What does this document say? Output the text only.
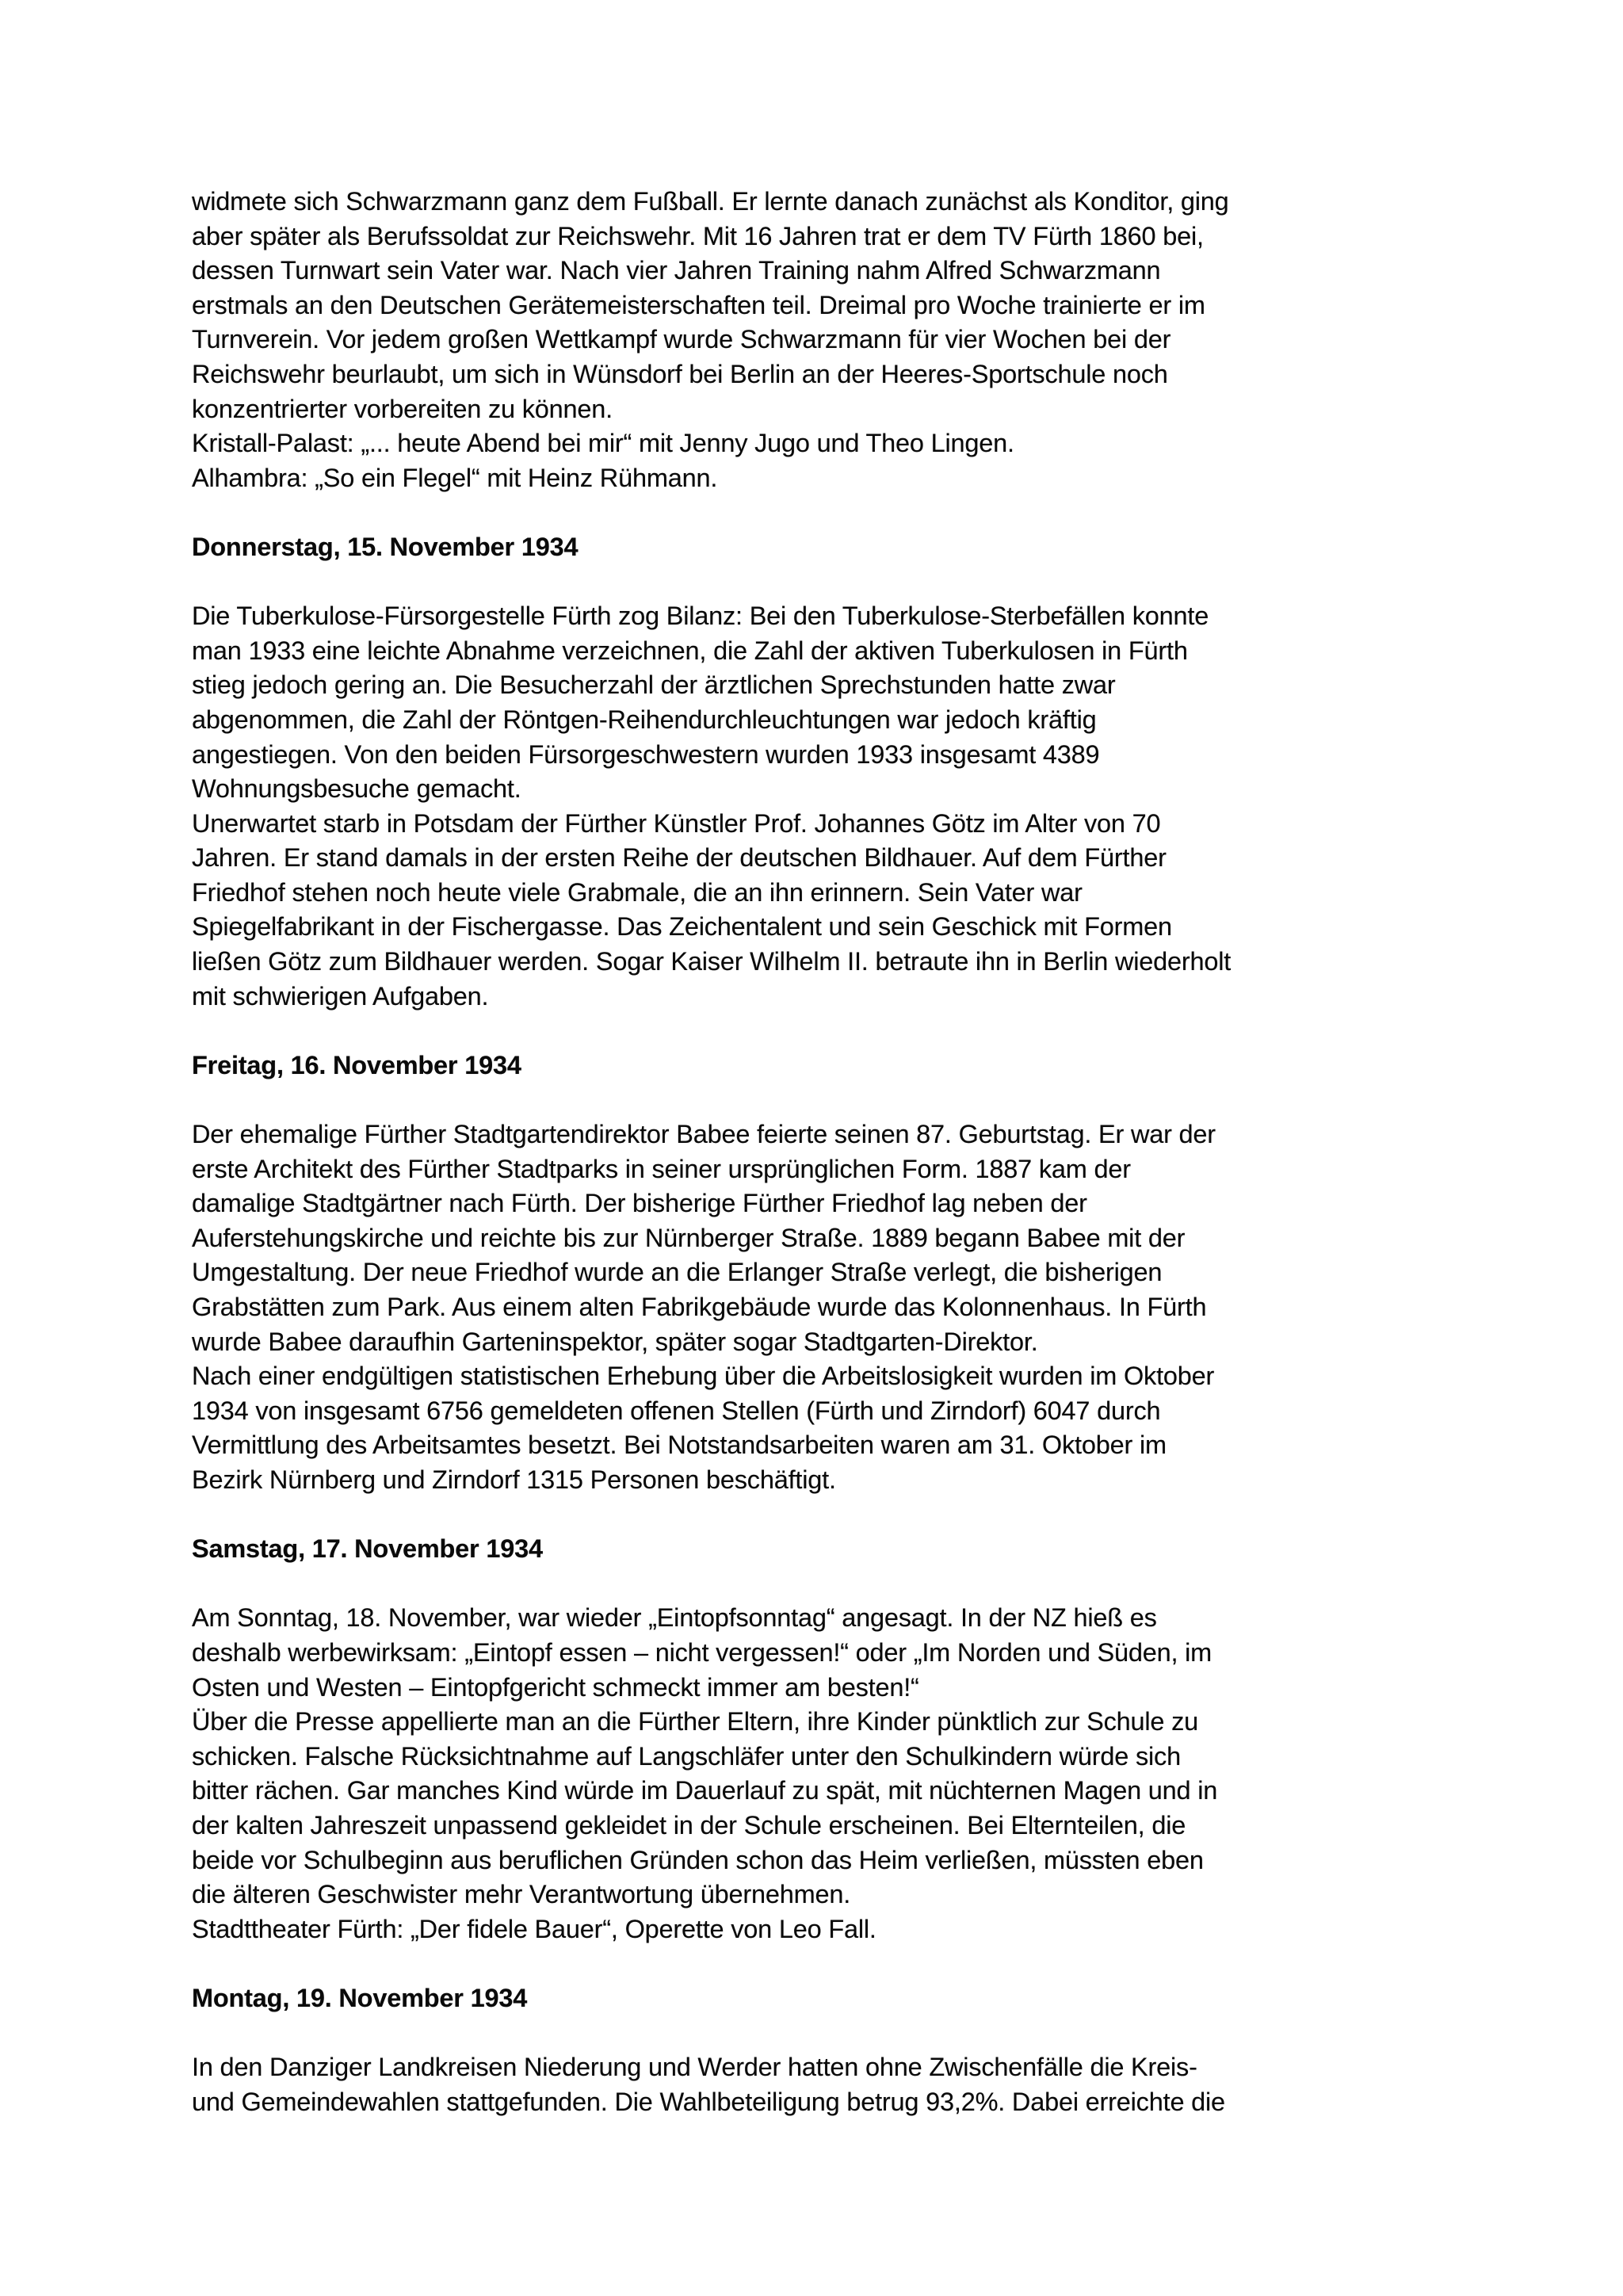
widmete sich Schwarzmann ganz dem Fußball. Er lernte danach zunächst als Konditor, ging
aber später als Berufssoldat zur Reichswehr. Mit 16 Jahren trat er dem TV Fürth 1860 bei,
dessen Turnwart sein Vater war. Nach vier Jahren Training nahm Alfred Schwarzmann
erstmals an den Deutschen Gerätemeisterschaften teil. Dreimal pro Woche trainierte er im
Turnverein. Vor jedem großen Wettkampf wurde Schwarzmann für vier Wochen bei der
Reichswehr beurlaubt, um sich in Wünsdorf bei Berlin an der Heeres-Sportschule noch
konzentrierter vorbereiten zu können.
Kristall-Palast: „... heute Abend bei mir“ mit Jenny Jugo und Theo Lingen.
Alhambra: „So ein Flegel“ mit Heinz Rühmann.
Donnerstag, 15. November 1934
Die Tuberkulose-Fürsorgestelle Fürth zog Bilanz: Bei den Tuberkulose-Sterbefällen konnte
man 1933 eine leichte Abnahme verzeichnen, die Zahl der aktiven Tuberkulosen in Fürth
stieg jedoch gering an. Die Besucherzahl der ärztlichen Sprechstunden hatte zwar
abgenommen, die Zahl der Röntgen-Reihendurchleuchtungen war jedoch kräftig
angestiegen. Von den beiden Fürsorgeschwestern wurden 1933 insgesamt 4389
Wohnungsbesuche gemacht.
Unerwartet starb in Potsdam der Fürther Künstler Prof. Johannes Götz im Alter von 70
Jahren. Er stand damals in der ersten Reihe der deutschen Bildhauer. Auf dem Fürther
Friedhof stehen noch heute viele Grabmale, die an ihn erinnern. Sein Vater war
Spiegelfabrikant in der Fischergasse. Das Zeichentalent und sein Geschick mit Formen
ließen Götz zum Bildhauer werden. Sogar Kaiser Wilhelm II. betraute ihn in Berlin wiederholt
mit schwierigen Aufgaben.
Freitag, 16. November 1934
Der ehemalige Fürther Stadtgartendirektor Babee feierte seinen 87. Geburtstag. Er war der
erste Architekt des Fürther Stadtparks in seiner ursprünglichen Form. 1887 kam der
damalige Stadtgärtner nach Fürth. Der bisherige Fürther Friedhof lag neben der
Auferstehungskirche und reichte bis zur Nürnberger Straße. 1889 begann Babee mit der
Umgestaltung. Der neue Friedhof wurde an die Erlanger Straße verlegt, die bisherigen
Grabstätten zum Park. Aus einem alten Fabrikgebäude wurde das Kolonnenhaus. In Fürth
wurde Babee daraufhin Garteninspektor, später sogar Stadtgarten-Direktor.
Nach einer endgültigen statistischen Erhebung über die Arbeitslosigkeit wurden im Oktober
1934 von insgesamt 6756 gemeldeten offenen Stellen (Fürth und Zirndorf) 6047 durch
Vermittlung des Arbeitsamtes besetzt. Bei Notstandsarbeiten waren am 31. Oktober im
Bezirk Nürnberg und Zirndorf 1315 Personen beschäftigt.
Samstag, 17. November 1934
Am Sonntag, 18. November, war wieder „Eintopfsonntag“ angesagt. In der NZ hieß es
deshalb werbewirksam: „Eintopf essen – nicht vergessen!“ oder „Im Norden und Süden, im
Osten und Westen – Eintopfgericht schmeckt immer am besten!“
Über die Presse appellierte man an die Fürther Eltern, ihre Kinder pünktlich zur Schule zu
schicken. Falsche Rücksichtnahme auf Langschläfer unter den Schulkindern würde sich
bitter rächen. Gar manches Kind würde im Dauerlauf zu spät, mit nüchternen Magen und in
der kalten Jahreszeit unpassend gekleidet in der Schule erscheinen. Bei Elternteilen, die
beide vor Schulbeginn aus beruflichen Gründen schon das Heim verließen, müssten eben
die älteren Geschwister mehr Verantwortung übernehmen.
Stadttheater Fürth: „Der fidele Bauer“, Operette von Leo Fall.
Montag, 19. November 1934
In den Danziger Landkreisen Niederung und Werder hatten ohne Zwischenfälle die Kreis-
und Gemeindewahlen stattgefunden. Die Wahlbeteiligung betrug 93,2%. Dabei erreichte die
